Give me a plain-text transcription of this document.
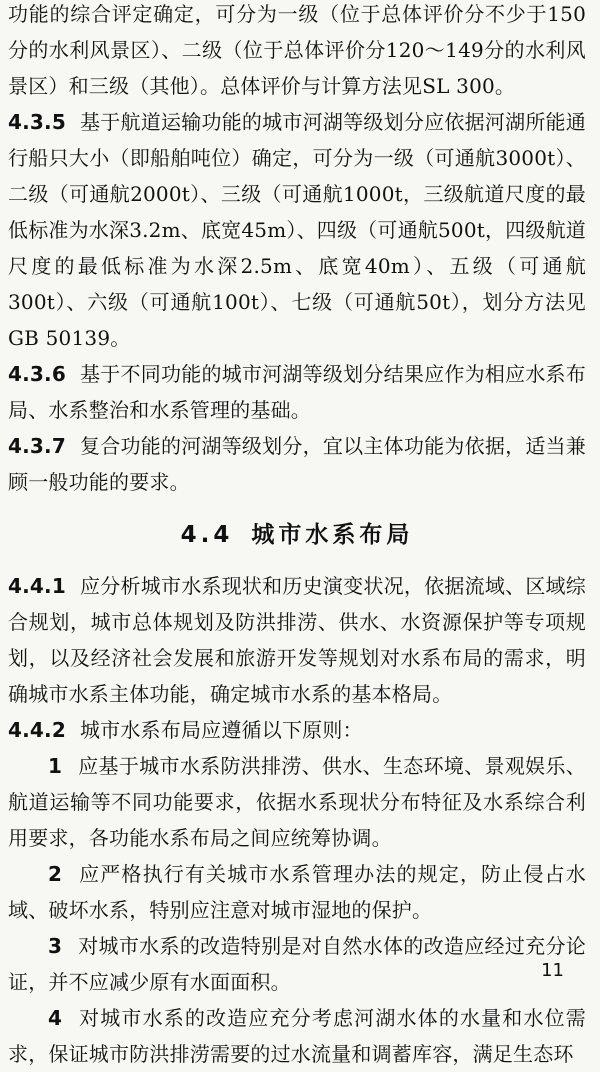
功能的综合评定确定，可分为一级（位于总体评价分不少于150分的水利风景区）、二级（位于总体评价分120～149分的水利风景区）和三级（其他）。总体评价与计算方法见SL 300。

4.3.5 基于航道运输功能的城市河湖等级划分应依据河湖所能通行船只大小（即船舶吨位）确定，可分为一级（可通航3000t）、二级（可通航2000t）、三级（可通航1000t，三级航道尺度的最低标准为水深3.2m、底宽45m）、四级（可通航500t，四级航道尺度的最低标准为水深2.5m、底宽40m）、五级（可通航300t）、六级（可通航100t）、七级（可通航50t），划分方法见GB 50139。

4.3.6 基于不同功能的城市河湖等级划分结果应作为相应水系布局、水系整治和水系管理的基础。

4.3.7 复合功能的河湖等级划分，宜以主体功能为依据，适当兼顾一般功能的要求。

4.4 城市水系布局

4.4.1 应分析城市水系现状和历史演变状况，依据流域、区域综合规划，城市总体规划及防洪排涝、供水、水资源保护等专项规划，以及经济社会发展和旅游开发等规划对水系布局的需求，明确城市水系主体功能，确定城市水系的基本格局。

4.4.2 城市水系布局应遵循以下原则：

1 应基于城市水系防洪排涝、供水、生态环境、景观娱乐、航道运输等不同功能要求，依据水系现状分布特征及水系综合利用要求，各功能水系布局之间应统筹协调。

2 应严格执行有关城市水系管理办法的规定，防止侵占水域、破坏水系，特别应注意对城市湿地的保护。

3 对城市水系的改造特别是对自然水体的改造应经过充分论证，并不应减少原有水面面积。

4 对城市水系的改造应充分考虑河湖水体的水量和水位需求，保证城市防洪排涝需要的过水流量和调蓄库容，满足生态环

11
